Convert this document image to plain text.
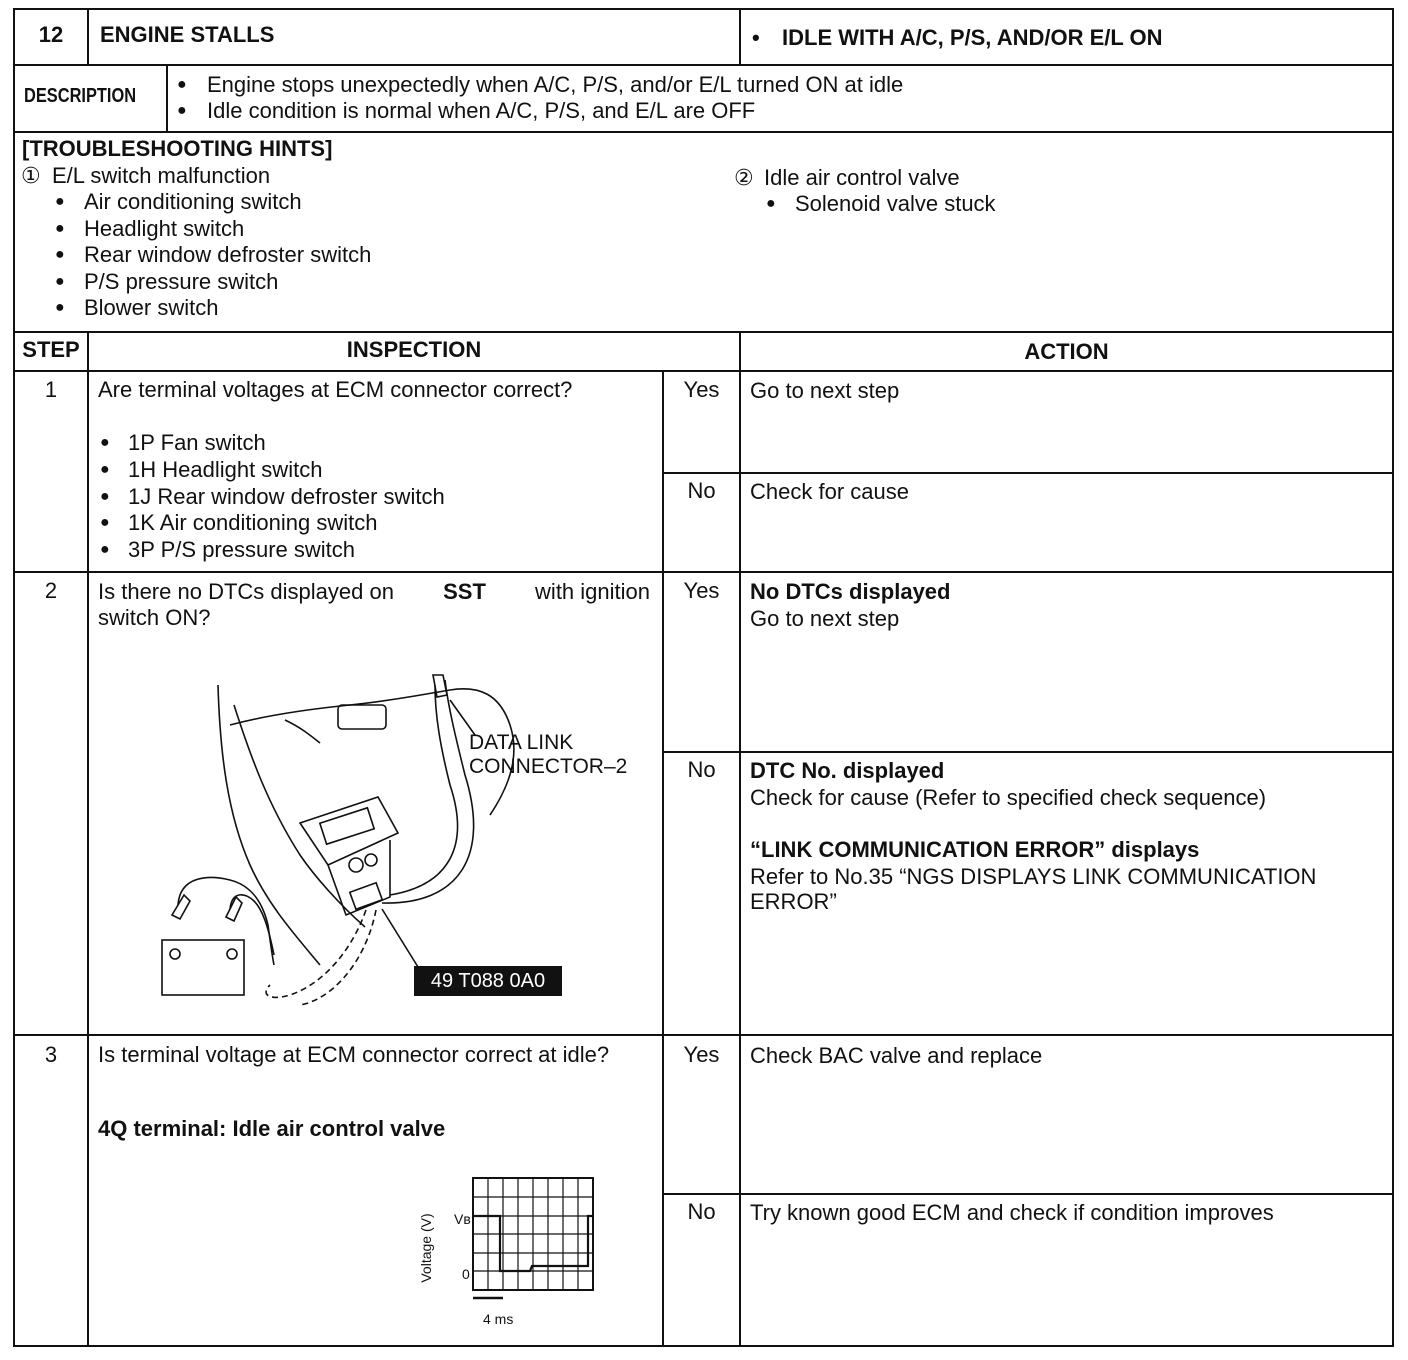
12	ENGINE STALLS	• IDLE WITH A/C, P/S, AND/OR E/L ON
DESCRIPTION
● Engine stops unexpectedly when A/C, P/S, and/or E/L turned ON at idle
● Idle condition is normal when A/C, P/S, and E/L are OFF
[TROUBLESHOOTING HINTS]
① E/L switch malfunction
● Air conditioning switch
● Headlight switch
● Rear window defroster switch
● P/S pressure switch
● Blower switch
② Idle air control valve
● Solenoid valve stuck
STEP	INSPECTION	ACTION
1	Are terminal voltages at ECM connector correct?
● 1P Fan switch
● 1H Headlight switch
● 1J Rear window defroster switch
● 1K Air conditioning switch
● 3P P/S pressure switch
Yes	Go to next step
No	Check for cause
2	Is there no DTCs displayed on SST with ignition
switch ON?
DATA LINK
CONNECTOR–2
49 T088 0A0
Yes	No DTCs displayed
Go to next step
No	DTC No. displayed
Check for cause (Refer to specified check sequence)
“LINK COMMUNICATION ERROR” displays
Refer to No.35 “NGS DISPLAYS LINK COMMUNICATION
ERROR”
3	Is terminal voltage at ECM connector correct at idle?
4Q terminal: Idle air control valve
Voltage (V) Vʙ
0
4 ms
Yes	Check BAC valve and replace
No	Try known good ECM and check if condition improves
